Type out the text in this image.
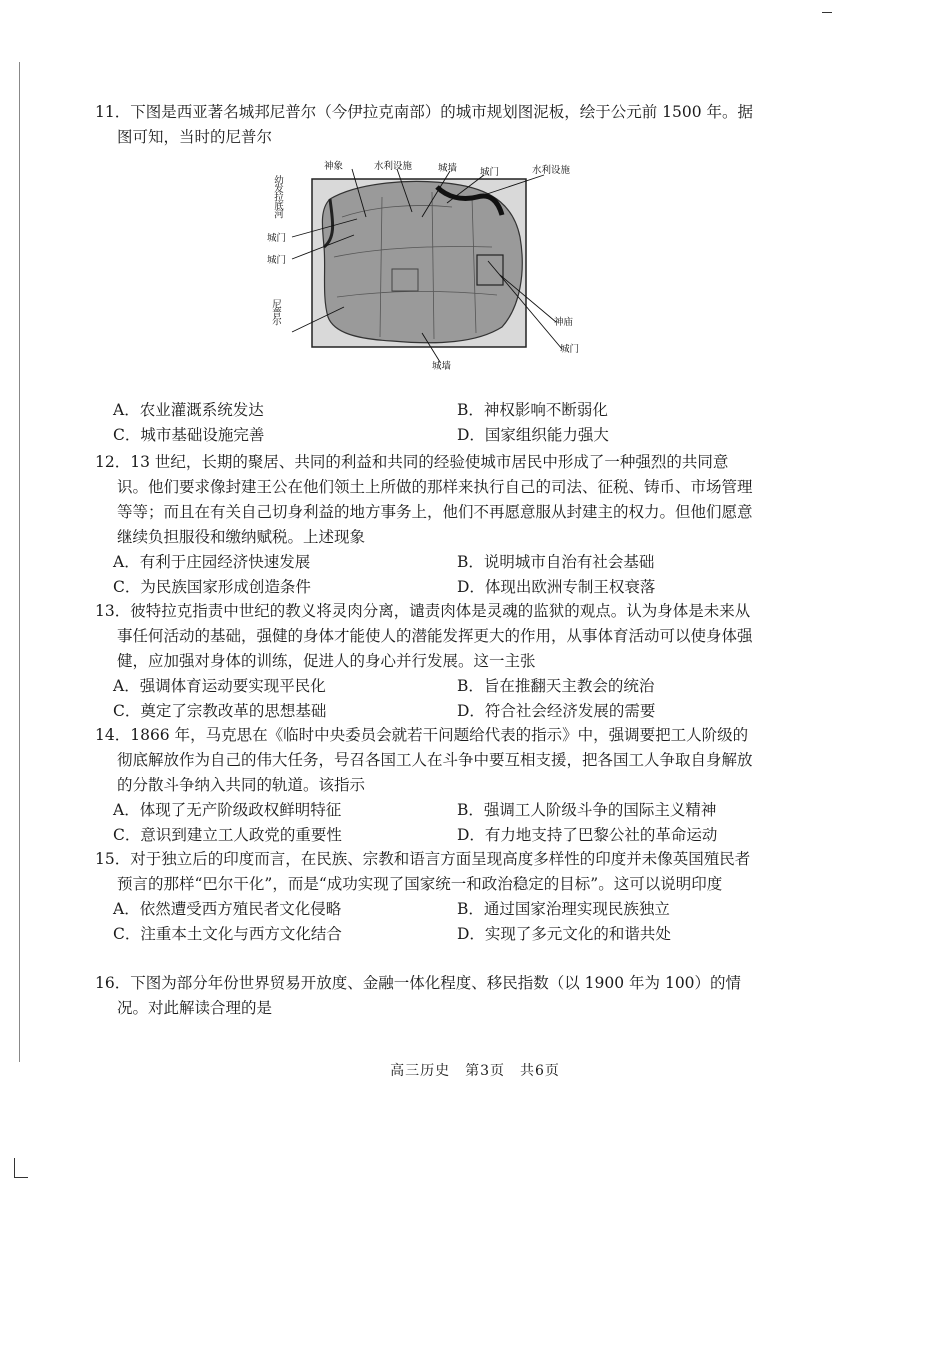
11．下图是西亚著名城邦尼普尔（今伊拉克南部）的城市规划图泥板，绘于公元前 1500 年。据图可知，当时的尼普尔

神象	水利设施	城墙 城门	水利设施
幼发拉底河
城门
城门
尼普尔	神庙
城门
城墙
A．农业灌溉系统发达	B．神权影响不断弱化
C．城市基础设施完善	D．国家组织能力强大

12．13 世纪，长期的聚居、共同的利益和共同的经验使城市居民中形成了一种强烈的共同意识。他们要求像封建王公在他们领土上所做的那样来执行自己的司法、征税、铸币、市场管理等等；而且在有关自己切身利益的地方事务上，他们不再愿意服从封建主的权力。但他们愿意继续负担服役和缴纳赋税。上述现象

A．有利于庄园经济快速发展	B．说明城市自治有社会基础
C．为民族国家形成创造条件	D．体现出欧洲专制王权衰落

13．彼特拉克指责中世纪的教义将灵肉分离，谴责肉体是灵魂的监狱的观点。认为身体是未来从事任何活动的基础，强健的身体才能使人的潜能发挥更大的作用，从事体育活动可以使身体强健，应加强对身体的训练，促进人的身心并行发展。这一主张

A．强调体育运动要实现平民化	B．旨在推翻天主教会的统治
C．奠定了宗教改革的思想基础	D．符合社会经济发展的需要

14．1866 年，马克思在《临时中央委员会就若干问题给代表的指示》中，强调要把工人阶级的彻底解放作为自己的伟大任务，号召各国工人在斗争中要互相支援，把各国工人争取自身解放的分散斗争纳入共同的轨道。该指示

A．体现了无产阶级政权鲜明特征	B．强调工人阶级斗争的国际主义精神
C．意识到建立工人政党的重要性	D．有力地支持了巴黎公社的革命运动

15．对于独立后的印度而言，在民族、宗教和语言方面呈现高度多样性的印度并未像英国殖民者预言的那样“巴尔干化”，而是“成功实现了国家统一和政治稳定的目标”。这可以说明印度

A．依然遭受西方殖民者文化侵略	B．通过国家治理实现民族独立
C．注重本土文化与西方文化结合	D．实现了多元文化的和谐共处

16．下图为部分年份世界贸易开放度、金融一体化程度、移民指数（以 1900 年为 100）的情况。对此解读合理的是

高三历史　第3页　共6页
